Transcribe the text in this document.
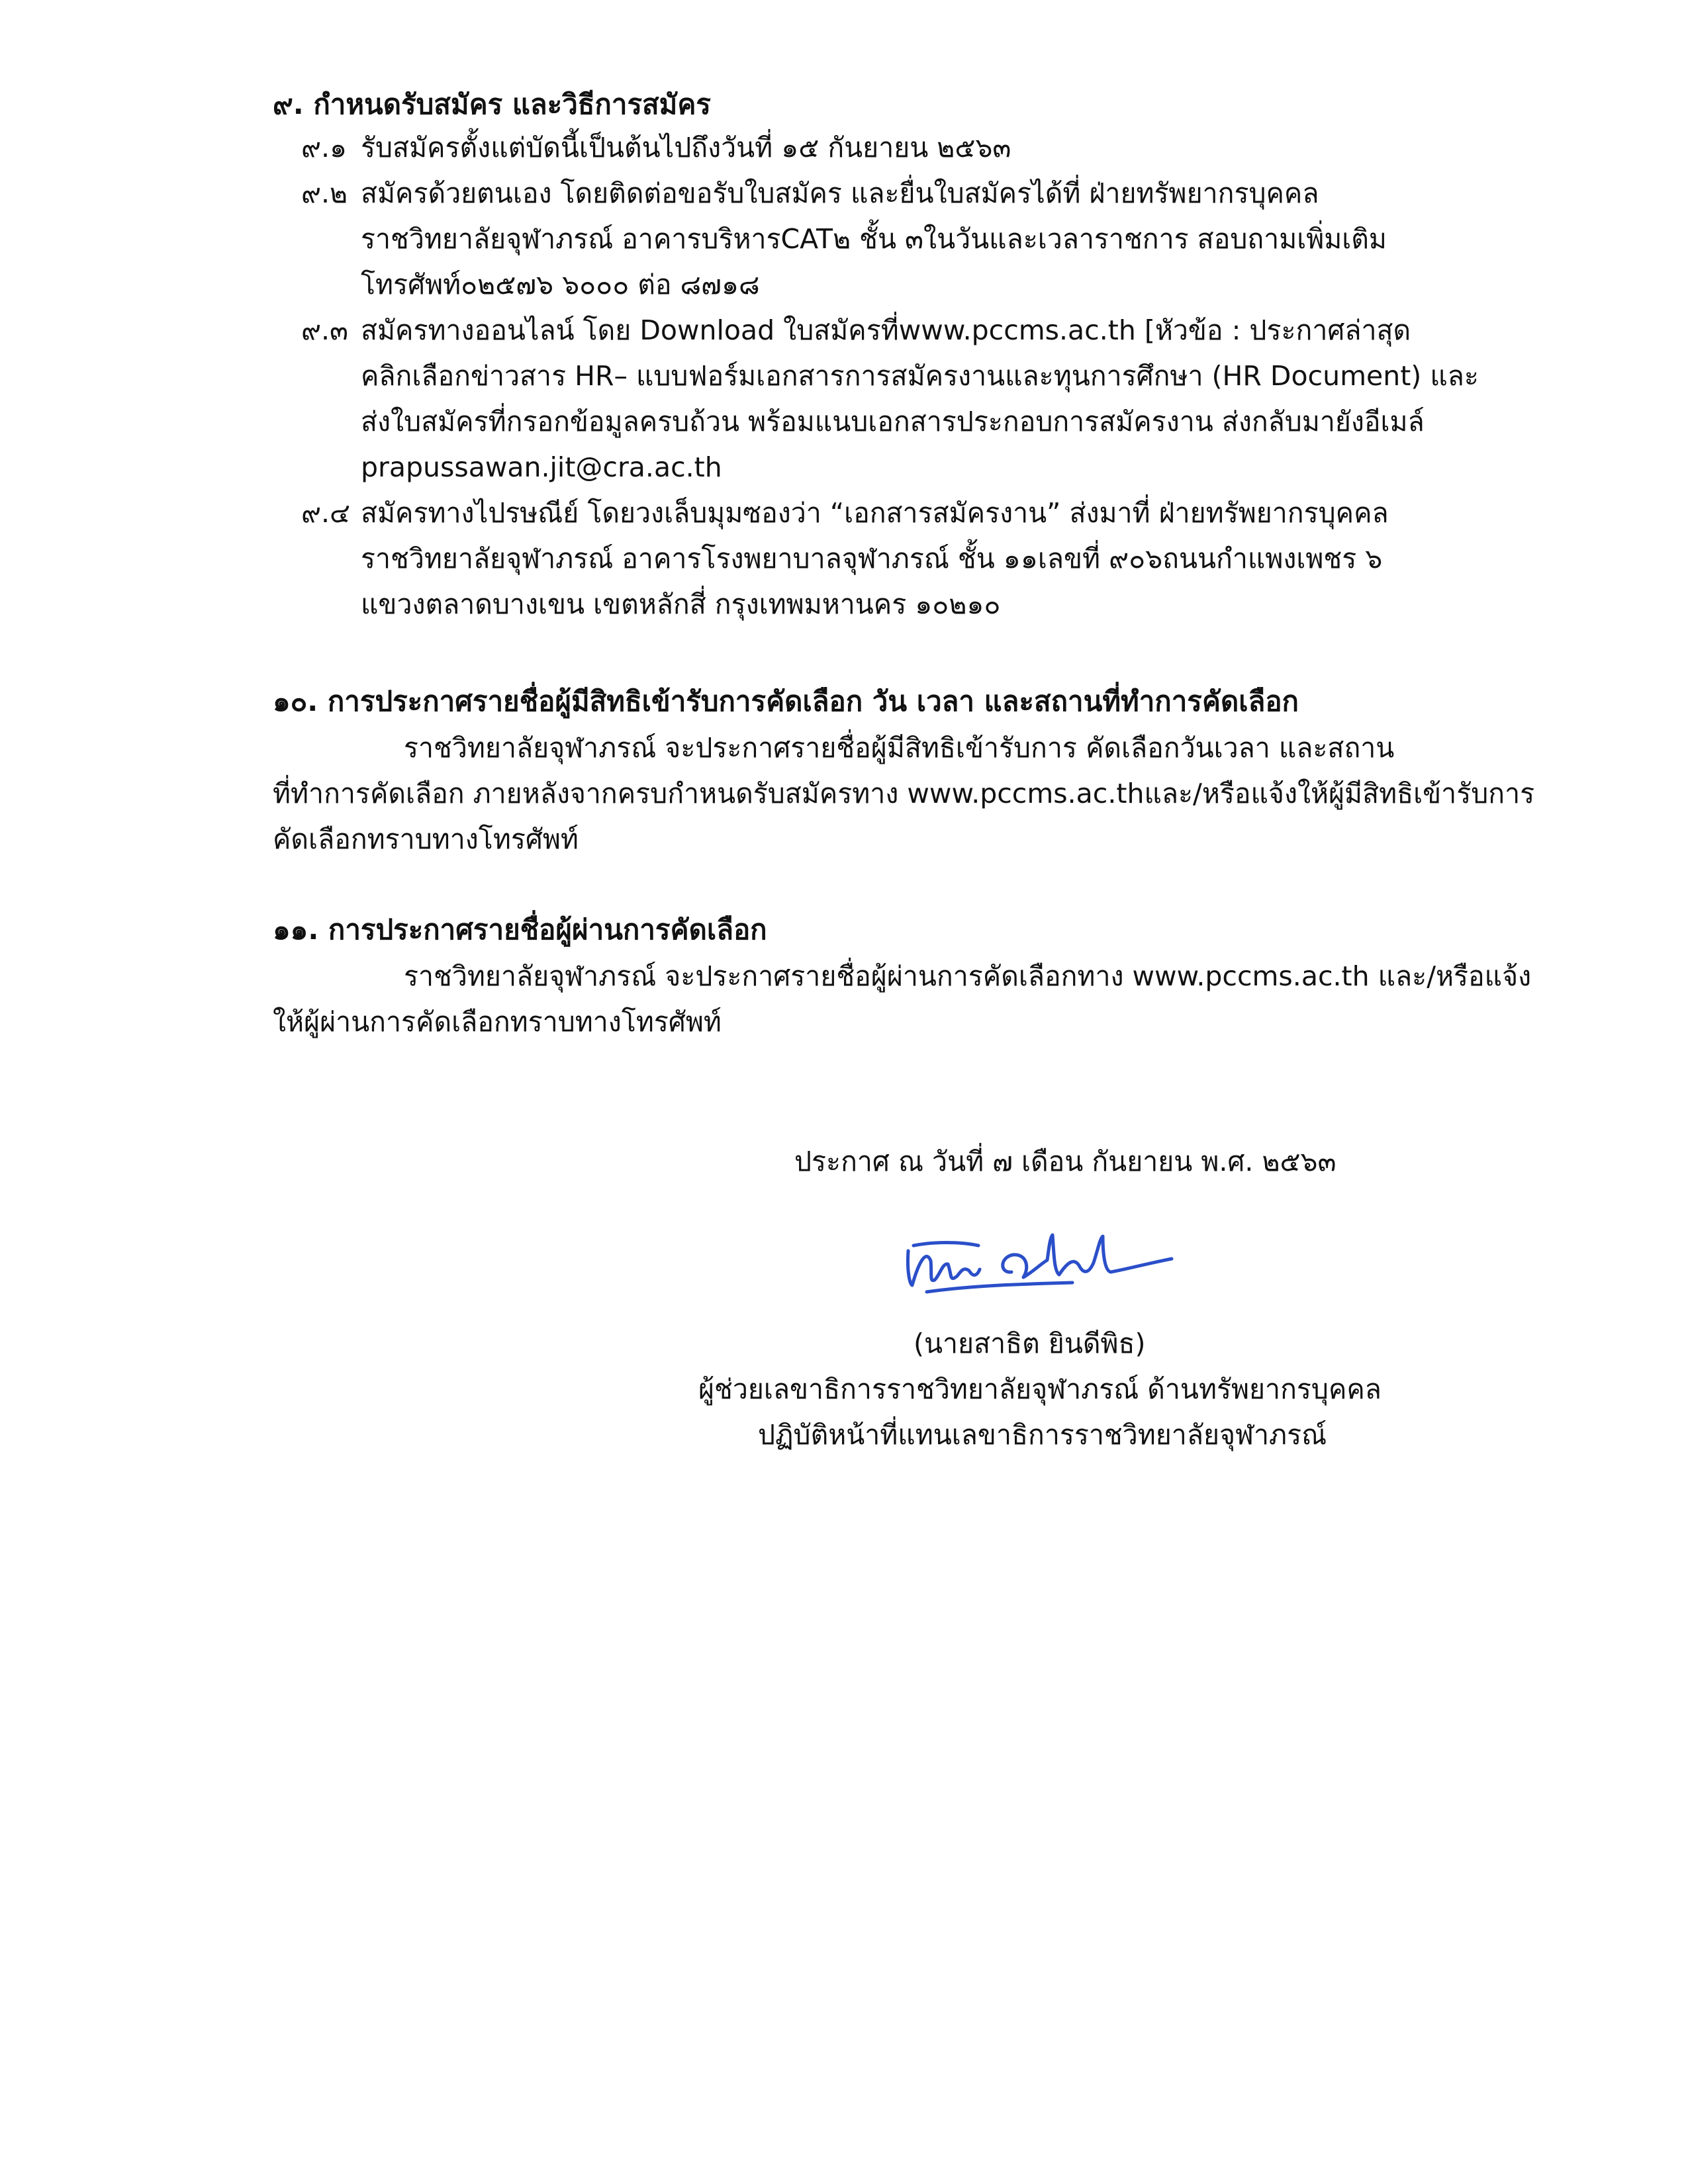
๙. กำหนดรับสมัคร และวิธีการสมัคร
๙.๑ รับสมัครตั้งแต่บัดนี้เป็นต้นไปถึงวันที่ ๑๕ กันยายน ๒๕๖๓
๙.๒ สมัครด้วยตนเอง โดยติดต่อขอรับใบสมัคร และยื่นใบสมัครได้ที่ ฝ่ายทรัพยากรบุคคล
ราชวิทยาลัยจุฬาภรณ์ อาคารบริหารCAT๒ ชั้น ๓ในวันและเวลาราชการ สอบถามเพิ่มเติม
โทรศัพท์๐๒๕๗๖ ๖๐๐๐ ต่อ ๘๗๑๘
๙.๓ สมัครทางออนไลน์ โดย Download ใบสมัครที่www.pccms.ac.th [หัวข้อ : ประกาศล่าสุด
คลิกเลือกข่าวสาร HR– แบบฟอร์มเอกสารการสมัครงานและทุนการศึกษา (HR Document) และ
ส่งใบสมัครที่กรอกข้อมูลครบถ้วน พร้อมแนบเอกสารประกอบการสมัครงาน ส่งกลับมายังอีเมล์
prapussawan.jit@cra.ac.th
๙.๔ สมัครทางไปรษณีย์ โดยวงเล็บมุมซองว่า “เอกสารสมัครงาน” ส่งมาที่ ฝ่ายทรัพยากรบุคคล
ราชวิทยาลัยจุฬาภรณ์ อาคารโรงพยาบาลจุฬาภรณ์ ชั้น ๑๑เลขที่ ๙๐๖ถนนกำแพงเพชร ๖
แขวงตลาดบางเขน เขตหลักสี่ กรุงเทพมหานคร ๑๐๒๑๐
๑๐. การประกาศรายชื่อผู้มีสิทธิเข้ารับการคัดเลือก วัน เวลา และสถานที่ทำการคัดเลือก
ราชวิทยาลัยจุฬาภรณ์ จะประกาศรายชื่อผู้มีสิทธิเข้ารับการ คัดเลือกวันเวลา และสถาน
ที่ทำการคัดเลือก ภายหลังจากครบกำหนดรับสมัครทาง www.pccms.ac.thและ/หรือแจ้งให้ผู้มีสิทธิเข้ารับการ
คัดเลือกทราบทางโทรศัพท์
๑๑. การประกาศรายชื่อผู้ผ่านการคัดเลือก
ราชวิทยาลัยจุฬาภรณ์ จะประกาศรายชื่อผู้ผ่านการคัดเลือกทาง www.pccms.ac.th และ/หรือแจ้ง
ให้ผู้ผ่านการคัดเลือกทราบทางโทรศัพท์
ประกาศ ณ วันที่ ๗ เดือน กันยายน พ.ศ. ๒๕๖๓
(นายสาธิต ยินดีพิธ)
ผู้ช่วยเลขาธิการราชวิทยาลัยจุฬาภรณ์ ด้านทรัพยากรบุคคล
ปฏิบัติหน้าที่แทนเลขาธิการราชวิทยาลัยจุฬาภรณ์
